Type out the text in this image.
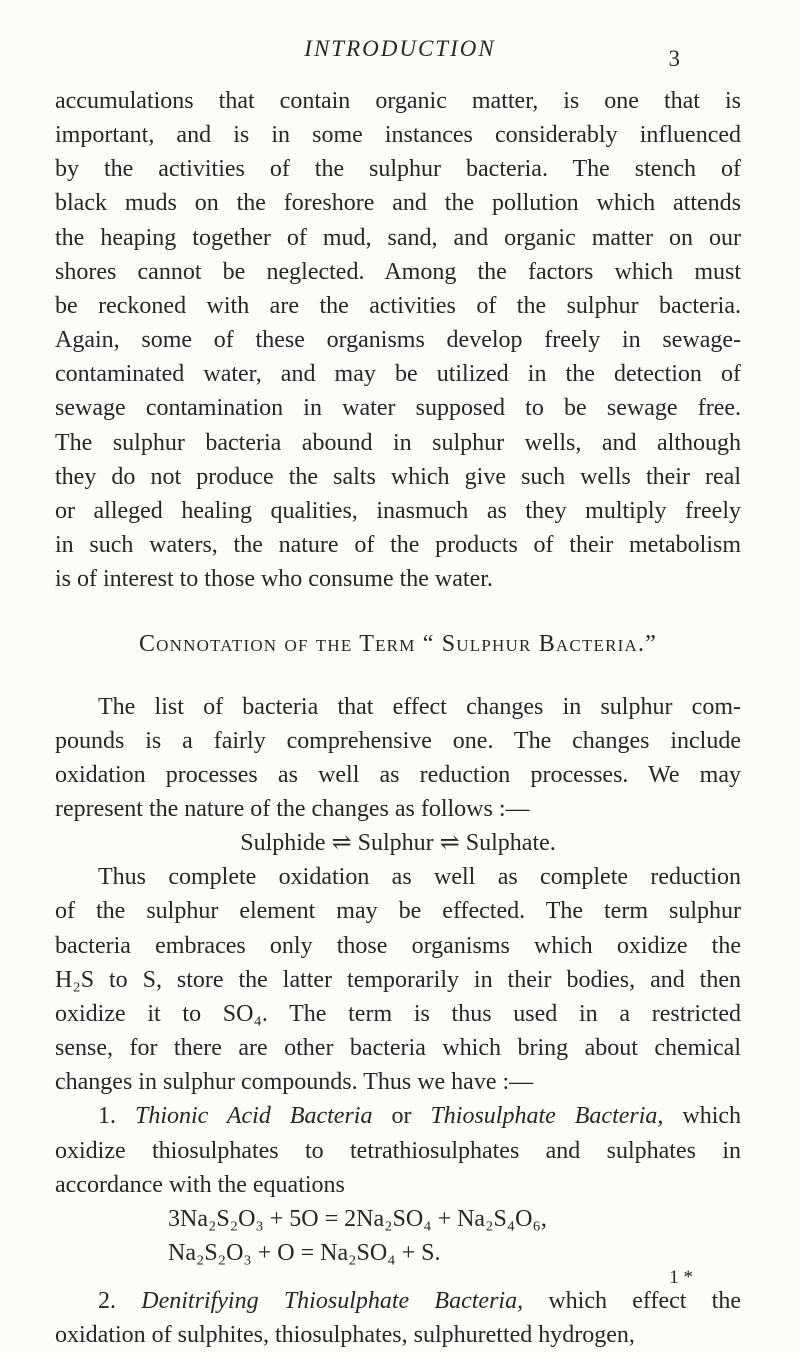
INTRODUCTION	3

accumulations that contain organic matter, is one that is

important, and is in some instances considerably influenced

by the activities of the sulphur bacteria. The stench of

black muds on the foreshore and the pollution which attends

the heaping together of mud, sand, and organic matter on our

shores cannot be neglected. Among the factors which must

be reckoned with are the activities of the sulphur bacteria.

Again, some of these organisms develop freely in sewage-

contaminated water, and may be utilized in the detection of

sewage contamination in water supposed to be sewage free.

The sulphur bacteria abound in sulphur wells, and although

they do not produce the salts which give such wells their real

or alleged healing qualities, inasmuch as they multiply freely

in such waters, the nature of the products of their metabolism

is of interest to those who consume the water.

Connotation of the Term “ Sulphur Bacteria.”

The list of bacteria that effect changes in sulphur com-

pounds is a fairly comprehensive one. The changes include

oxidation processes as well as reduction processes. We may

represent the nature of the changes as follows :—

Sulphide ⇌ Sulphur ⇌ Sulphate.

Thus complete oxidation as well as complete reduction

of the sulphur element may be effected. The term sulphur

bacteria embraces only those organisms which oxidize the

H₂S to S, store the latter temporarily in their bodies, and then

oxidize it to SO₄. The term is thus used in a restricted

sense, for there are other bacteria which bring about chemical

changes in sulphur compounds. Thus we have :—

1. Thionic Acid Bacteria or Thiosulphate Bacteria, which

oxidize thiosulphates to tetrathiosulphates and sulphates in

accordance with the equations

3Na₂S₂O₃ + 5O = 2Na₂SO₄ + Na₂S₄O₆,

Na₂S₂O₃ + O = Na₂SO₄ + S.

2. Denitrifying Thiosulphate Bacteria, which effect the

oxidation of sulphites, thiosulphates, sulphuretted hydrogen,

1 *
